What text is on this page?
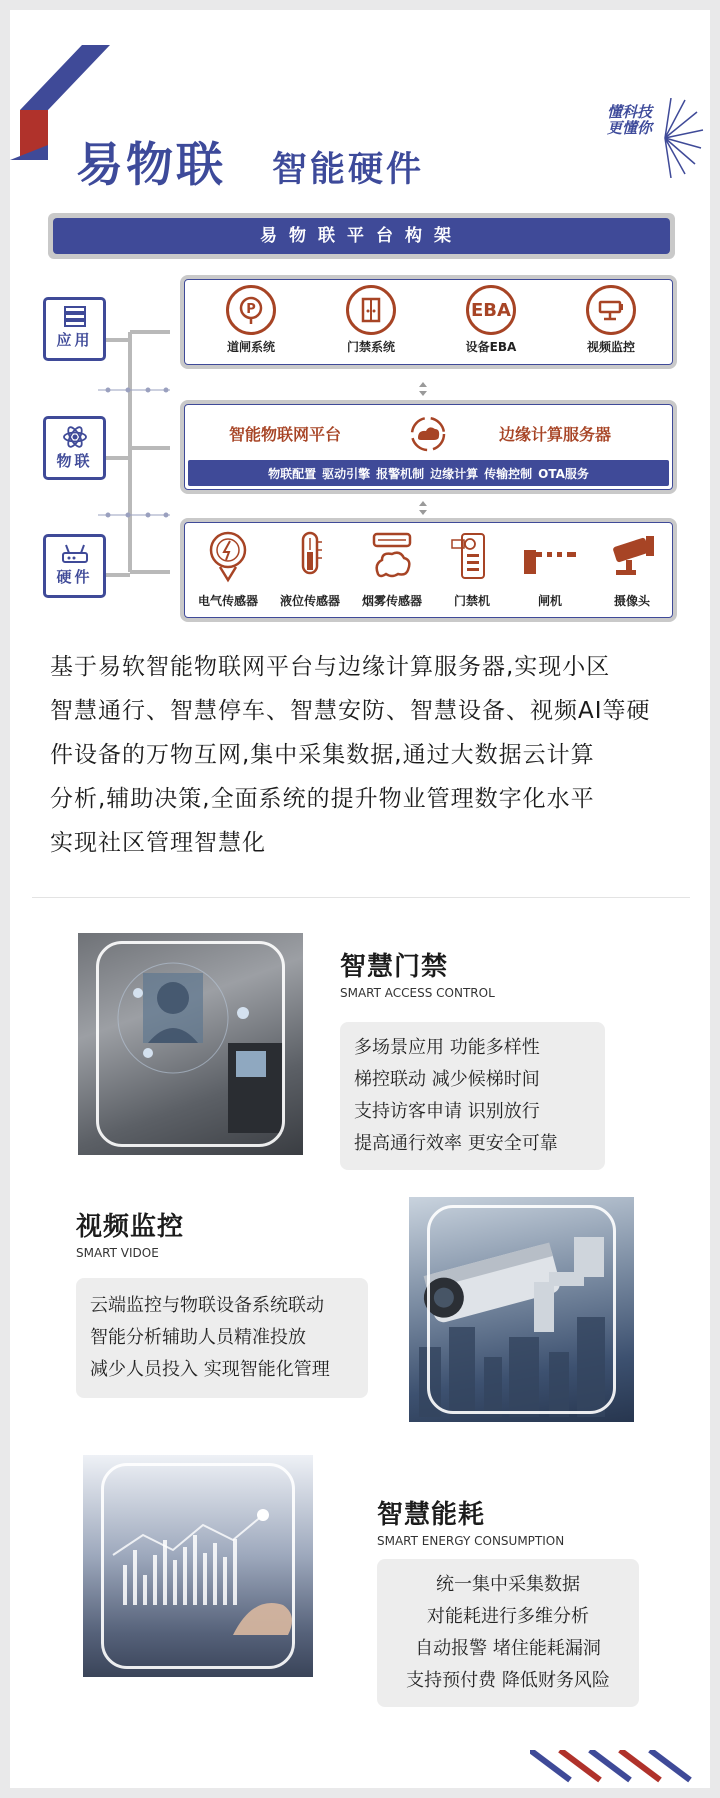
易物联 智能硬件
懂科技
更懂你
易物联平台构架
应用
物联
硬件
P
道闸系统	门禁系统
EBA
设备EBA	视频监控
智能物联网平台	边缘计算服务器
物联配置 驱动引擎 报警机制 边缘计算 传输控制 OTA服务
电气传感器	液位传感器	烟雾传感器	门禁机	闸机	摄像头

基于易软智能物联网平台与边缘计算服务器,实现小区

智慧通行、智慧停车、智慧安防、智慧设备、视频AI等硬

件设备的万物互网,集中采集数据,通过大数据云计算

分析,辅助决策,全面系统的提升物业管理数字化水平

实现社区管理智慧化

智慧门禁
SMART ACCESS CONTROL
多场景应用 功能多样性
梯控联动 减少候梯时间
支持访客申请 识别放行
提高通行效率 更安全可靠
视频监控
SMART VIDOE
云端监控与物联设备系统联动
智能分析辅助人员精准投放
减少人员投入 实现智能化管理
智慧能耗
SMART ENERGY CONSUMPTION
统一集中采集数据
对能耗进行多维分析
自动报警 堵住能耗漏洞
支持预付费 降低财务风险
